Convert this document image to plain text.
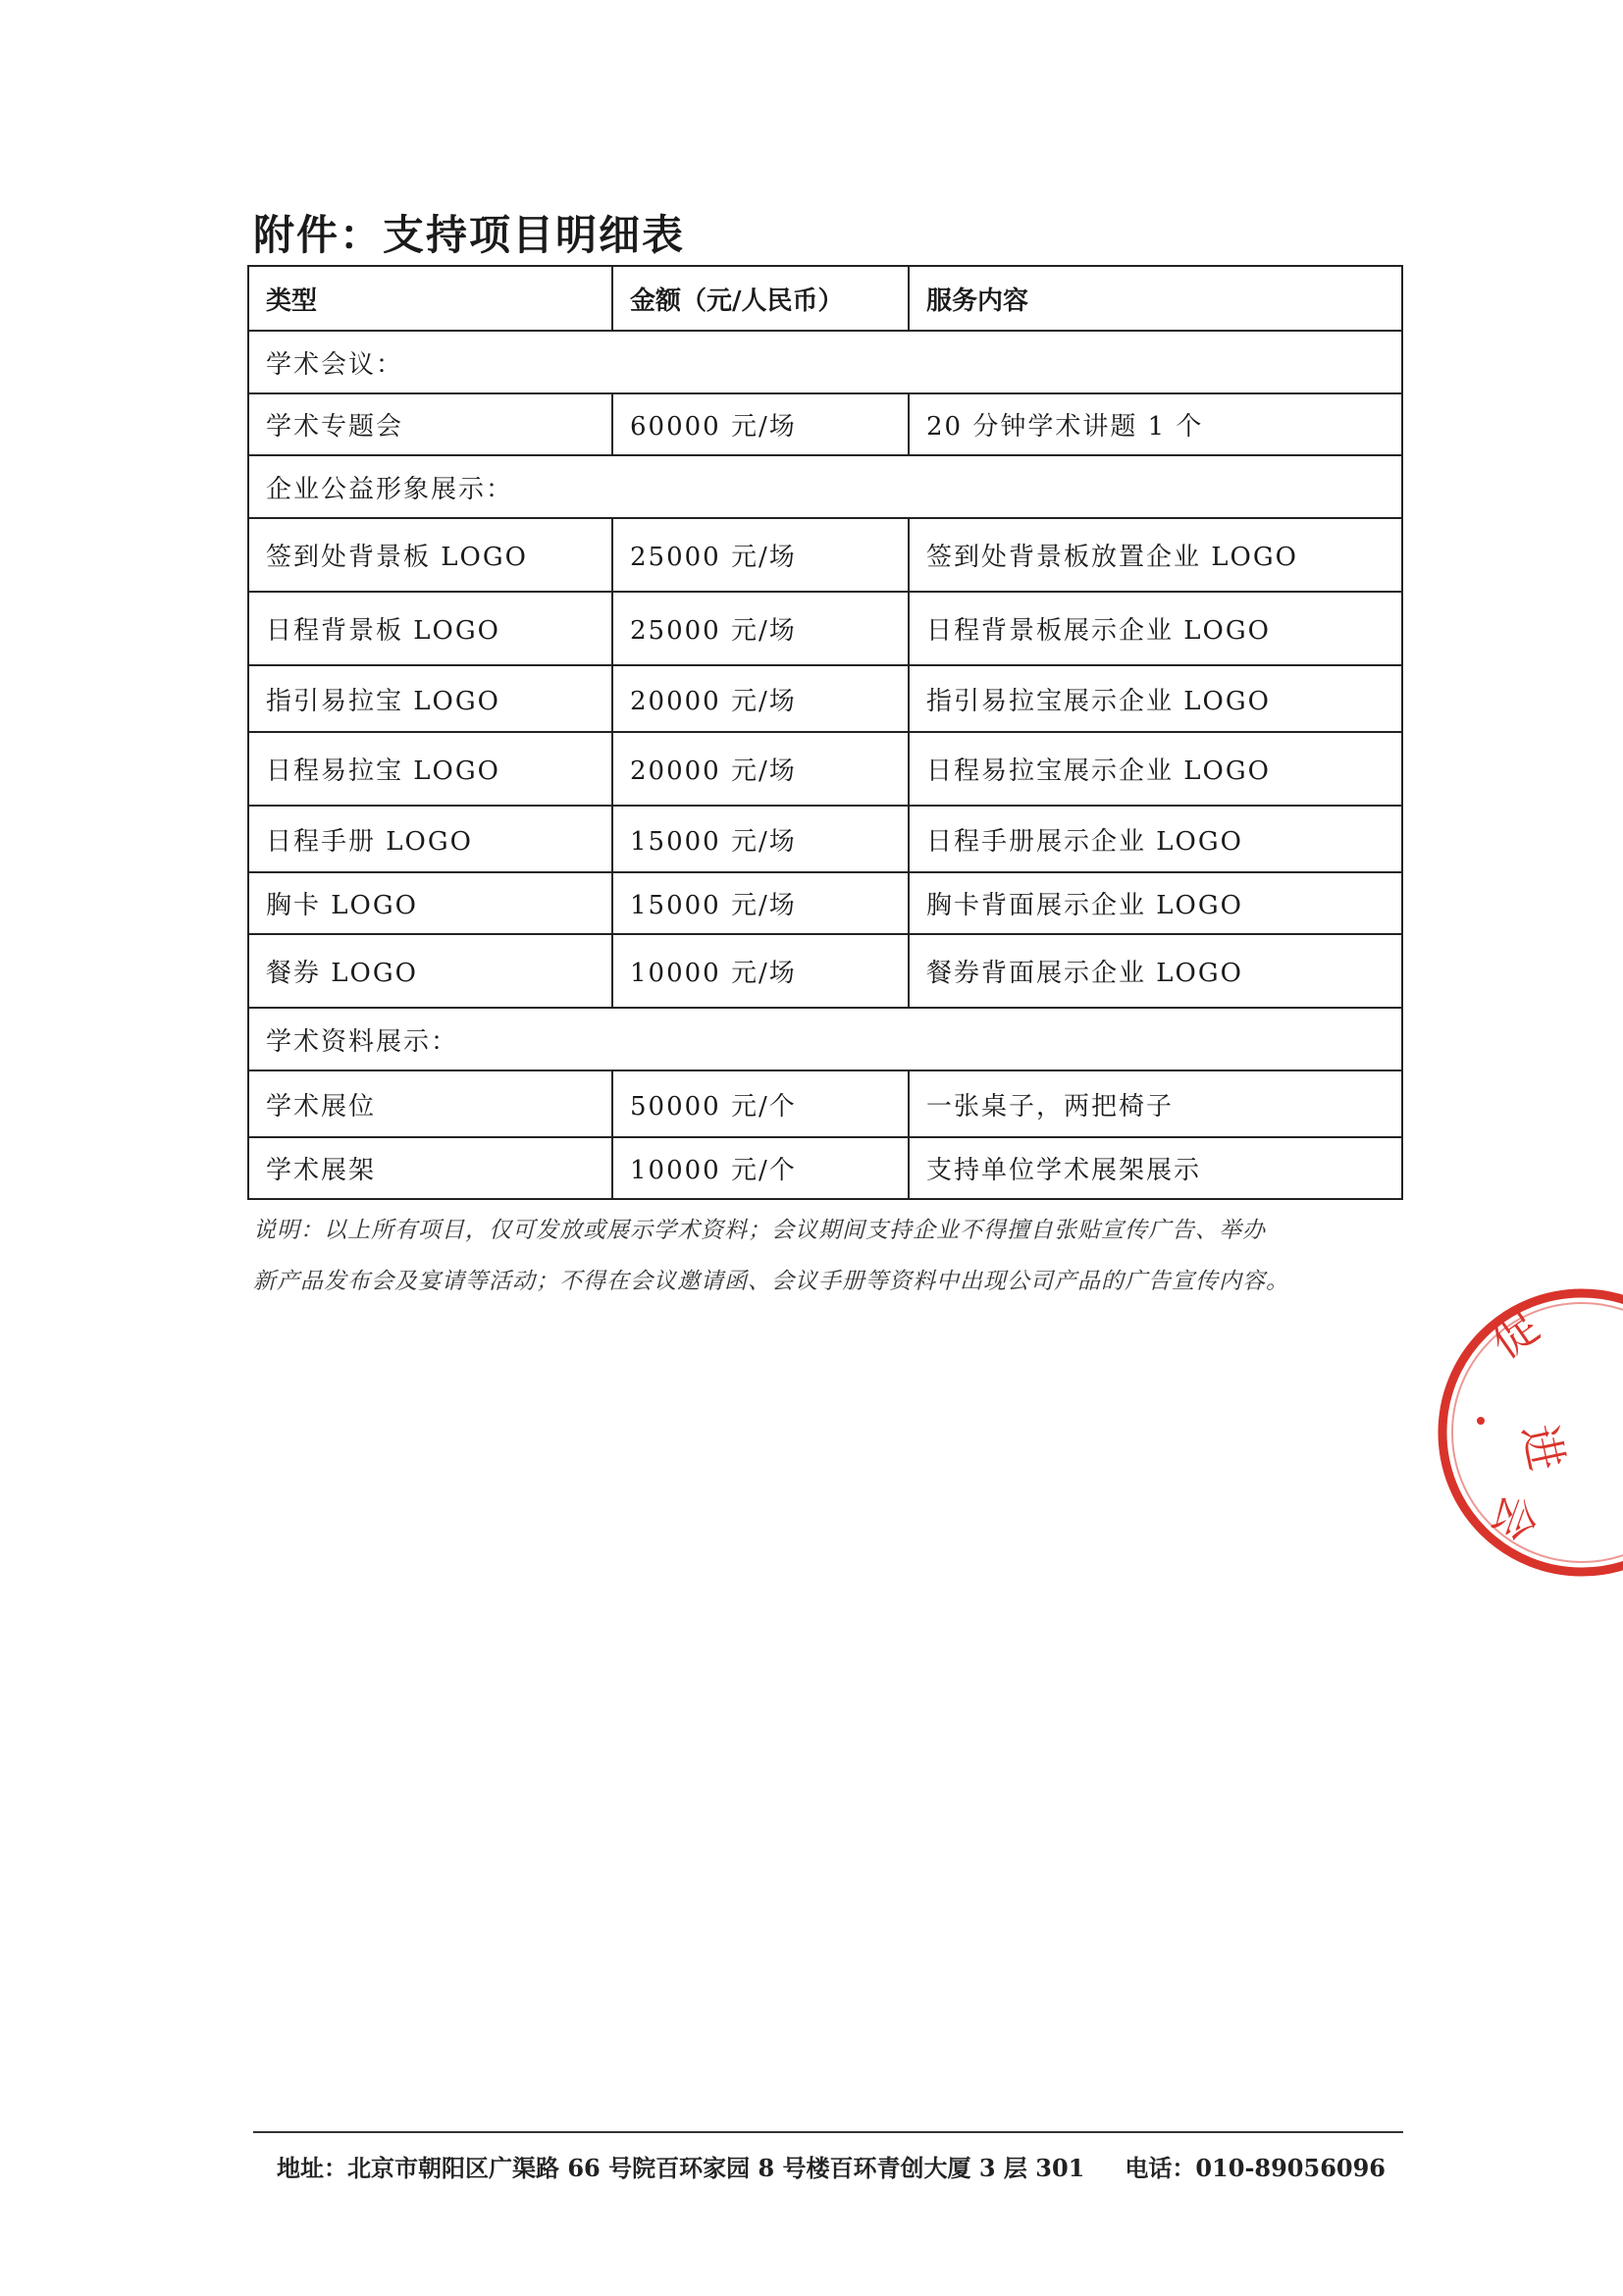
附件：支持项目明细表
类型	金额（元/人民币）	服务内容
学术会议：		
学术专题会	60000 元/场	20 分钟学术讲题 1 个
企业公益形象展示：		
签到处背景板 LOGO	25000 元/场	签到处背景板放置企业 LOGO
日程背景板 LOGO	25000 元/场	日程背景板展示企业 LOGO
指引易拉宝 LOGO	20000 元/场	指引易拉宝展示企业 LOGO
日程易拉宝 LOGO	20000 元/场	日程易拉宝展示企业 LOGO
日程手册 LOGO	15000 元/场	日程手册展示企业 LOGO
胸卡 LOGO	15000 元/场	胸卡背面展示企业 LOGO
餐券 LOGO	10000 元/场	餐券背面展示企业 LOGO
学术资料展示：		
学术展位	50000 元/个	一张桌子，两把椅子
学术展架	10000 元/个	支持单位学术展架展示

说明：以上所有项目，仅可发放或展示学术资料；会议期间支持企业不得擅自张贴宣传广告、举办

新产品发布会及宴请等活动；不得在会议邀请函、会议手册等资料中出现公司产品的广告宣传内容。

地址：北京市朝阳区广渠路 66 号院百环家园 8 号楼百环青创大厦 3 层 301 电话：010-89056096
促
进
会
